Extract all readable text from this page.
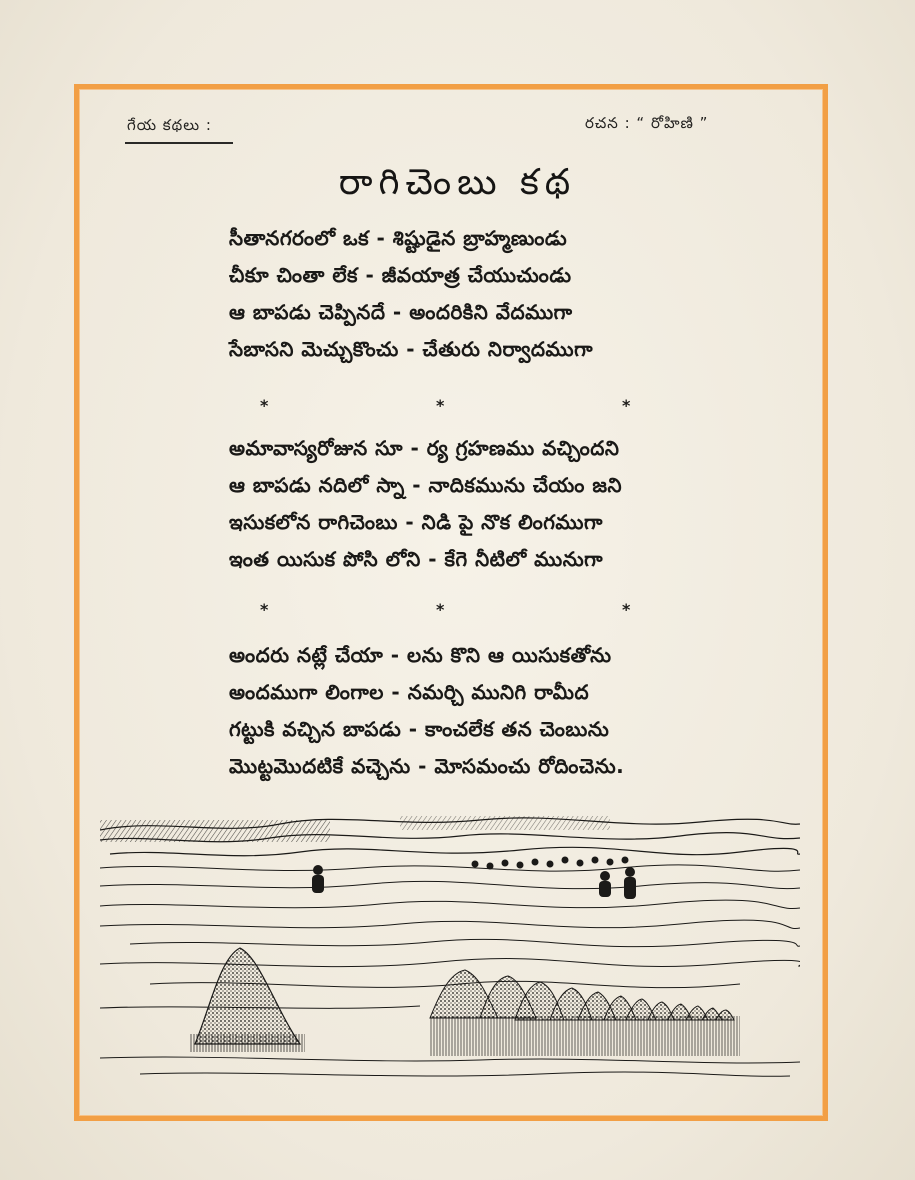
గేయ కథలు :	రచన : “ రోహిణి ”
రాగిచెంబు కథ
సీతానగరంలో ఒక - శిష్టుడైన బ్రాహ్మణుండు
చీకూ చింతా లేక - జీవయాత్ర చేయుచుండు
ఆ బాపడు చెప్పినదే - అందరికిని వేదముగా
సేబాసని మెచ్చుకొంచు - చేతురు నిర్వాదముగా
*	*	*
అమావాస్యరోజున సూ - ర్య గ్రహణము వచ్చిందని
ఆ బాపడు నదిలో స్నా - నాదికమును చేయం జని
ఇసుకలోన రాగిచెంబు - నిడి పై నొక లింగముగా
ఇంత యిసుక పోసి లోని - కేగె నీటిలో మునుగా
*	*	*
అందరు నట్లే చేయా - లను కొని ఆ యిసుకతోను
అందముగా లింగాల - నమర్చి మునిగి రామీద
గట్టుకి వచ్చిన బాపడు - కాంచలేక తన చెంబును
మొట్టమొదటికే వచ్చెను - మోసమంచు రోదించెను.
